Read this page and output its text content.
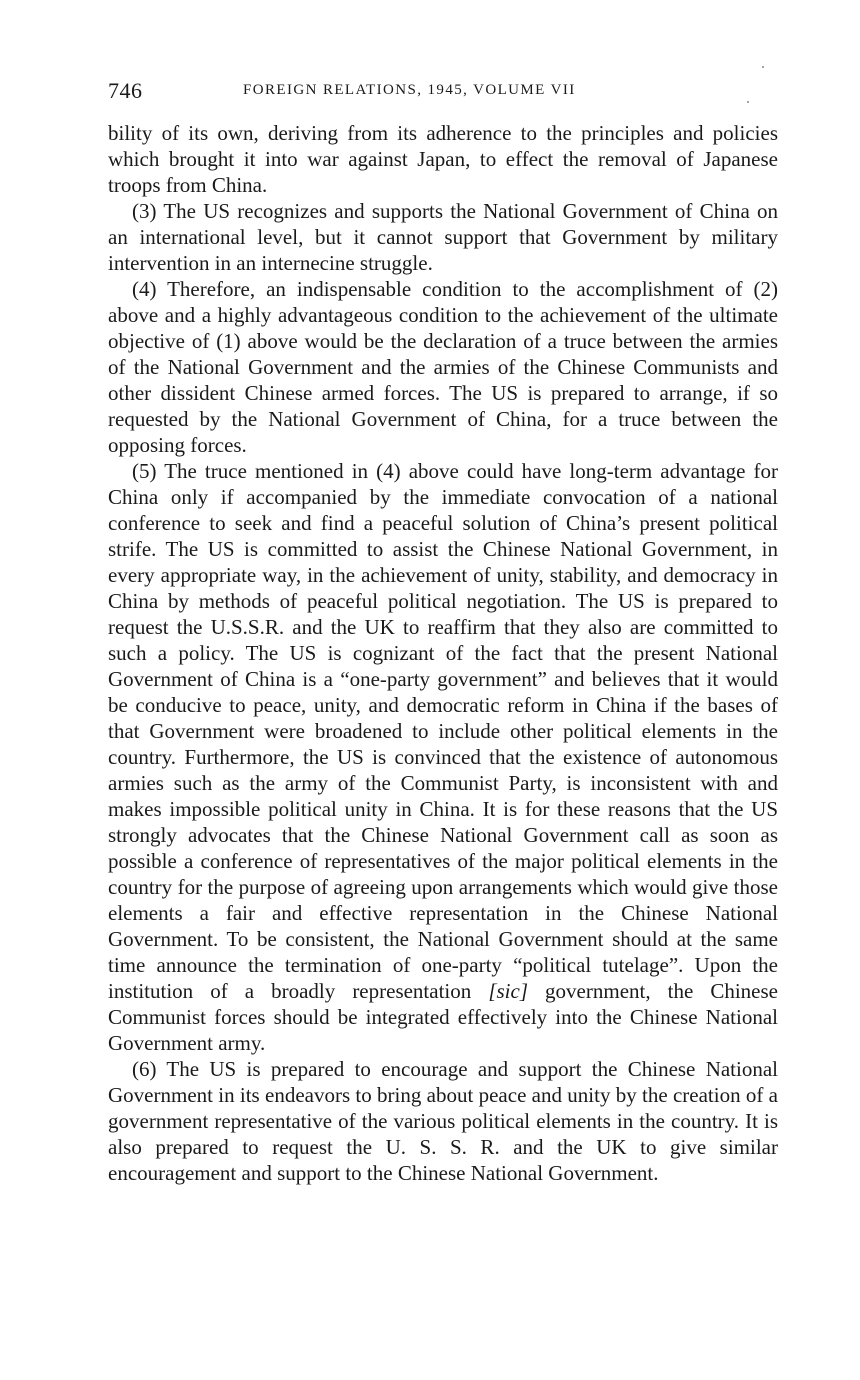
746	FOREIGN RELATIONS, 1945, VOLUME VII

bility of its own, deriving from its adherence to the principles and policies which brought it into war against Japan, to effect the removal of Japanese troops from China.

(3) The US recognizes and supports the National Government of China on an international level, but it cannot support that Government by military intervention in an internecine struggle.

(4) Therefore, an indispensable condition to the accomplishment of (2) above and a highly advantageous condition to the achievement of the ultimate objective of (1) above would be the declaration of a truce between the armies of the National Government and the armies of the Chinese Communists and other dissident Chinese armed forces. The US is prepared to arrange, if so requested by the National Government of China, for a truce between the opposing forces.

(5) The truce mentioned in (4) above could have long-term advantage for China only if accompanied by the immediate convocation of a national conference to seek and find a peaceful solution of China’s present political strife. The US is committed to assist the Chinese National Government, in every appropriate way, in the achievement of unity, stability, and democracy in China by methods of peaceful political negotiation. The US is prepared to request the U.S.S.R. and the UK to reaffirm that they also are committed to such a policy. The US is cognizant of the fact that the present National Government of China is a “one-party government” and believes that it would be conducive to peace, unity, and democratic reform in China if the bases of that Government were broadened to include other political elements in the country. Furthermore, the US is convinced that the existence of autonomous armies such as the army of the Communist Party, is inconsistent with and makes impossible political unity in China. It is for these reasons that the US strongly advocates that the Chinese National Government call as soon as possible a conference of representatives of the major political elements in the country for the purpose of agreeing upon arrangements which would give those elements a fair and effective representation in the Chinese National Government. To be consistent, the National Government should at the same time announce the termination of one-party “political tutelage”. Upon the institution of a broadly representation [sic] government, the Chinese Communist forces should be integrated effectively into the Chinese National Government army.

(6) The US is prepared to encourage and support the Chinese National Government in its endeavors to bring about peace and unity by the creation of a government representative of the various political elements in the country. It is also prepared to request the U. S. S. R. and the UK to give similar encouragement and support to the Chinese National Government.
